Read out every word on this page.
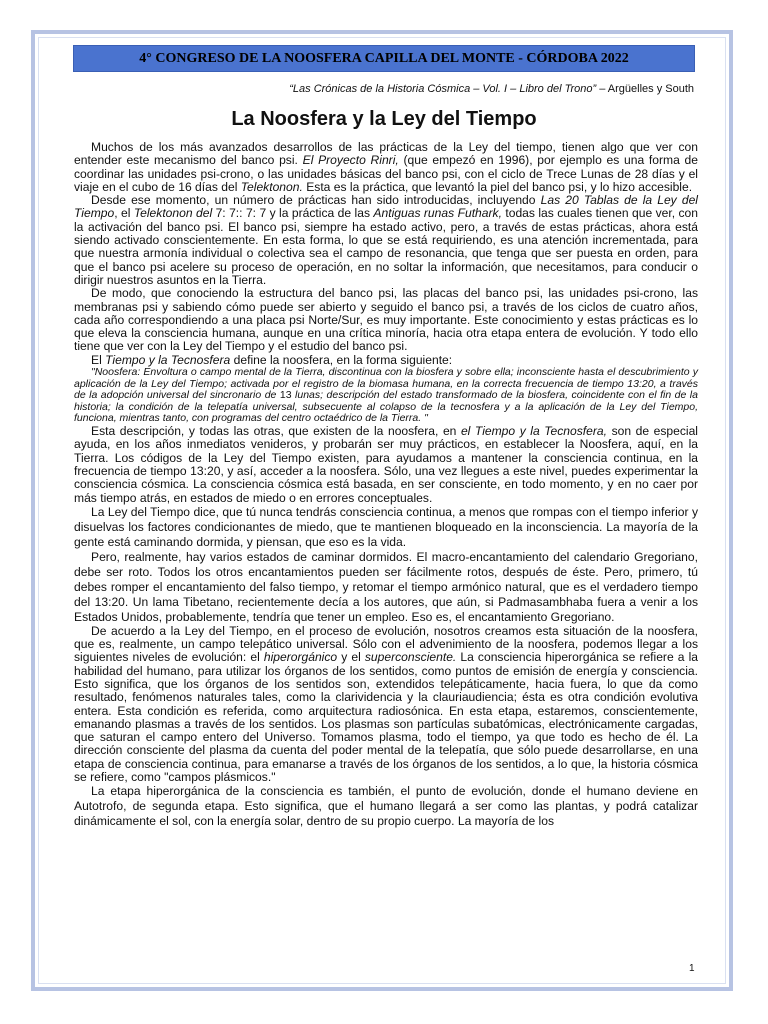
4° CONGRESO DE LA NOOSFERA CAPILLA DEL MONTE - CÓRDOBA 2022
“Las Crónicas de la Historia Cósmica – Vol. I – Libro del Trono” – Argüelles y South
La Noosfera y la Ley del Tiempo

Muchos de los más avanzados desarrollos de las prácticas de la Ley del tiempo, tienen algo que ver con entender este mecanismo del banco psi. El Proyecto Rinri, (que empezó en 1996), por ejemplo es una forma de coordinar las unidades psi-crono, o las unidades básicas del banco psi, con el ciclo de Trece Lunas de 28 días y el viaje en el cubo de 16 días del Telektonon. Esta es la práctica, que levantó la piel del banco psi, y lo hizo accesible.

Desde ese momento, un número de prácticas han sido introducidas, incluyendo Las 20 Tablas de la Ley del Tiempo, el Telektonon del 7: 7:: 7: 7 y la práctica de las Antiguas runas Futhark, todas las cuales tienen que ver, con la activación del banco psi. El banco psi, siempre ha estado activo, pero, a través de estas prácticas, ahora está siendo activado conscientemente. En esta forma, lo que se está requiriendo, es una atención incrementada, para que nuestra armonía individual o colectiva sea el campo de resonancia, que tenga que ser puesta en orden, para que el banco psi acelere su proceso de operación, en no soltar la información, que necesitamos, para conducir o dirigir nuestros asuntos en la Tierra.

De modo, que conociendo la estructura del banco psi, las placas del banco psi, las unidades psi-crono, las membranas psi y sabiendo cómo puede ser abierto y seguido el banco psi, a través de los ciclos de cuatro años, cada año correspondiendo a una placa psi Norte/Sur, es muy importante. Este conocimiento y estas prácticas es lo que eleva la consciencia humana, aunque en una crítica minoría, hacia otra etapa entera de evolución. Y todo ello tiene que ver con la Ley del Tiempo y el estudio del banco psi.

El Tiempo y la Tecnosfera define la noosfera, en la forma siguiente:

"Noosfera: Envoltura o campo mental de la Tierra, discontinua con la biosfera y sobre ella; inconsciente hasta el descubrimiento y aplicación de la Ley del Tiempo; activada por el registro de la biomasa humana, en la correcta frecuencia de tiempo 13:20, a través de la adopción universal del sincronario de 13 lunas; descripción del estado transformado de la biosfera, coincidente con el fin de la historia; la condición de la telepatía universal, subsecuente al colapso de la tecnosfera y a la aplicación de la Ley del Tiempo, funciona, mientras tanto, con programas del centro octaédrico de la Tierra. "

Esta descripción, y todas las otras, que existen de la noosfera, en el Tiempo y la Tecnosfera, son de especial ayuda, en los años inmediatos venideros, y probarán ser muy prácticos, en establecer la Noosfera, aquí, en la Tierra. Los códigos de la Ley del Tiempo existen, para ayudamos a mantener la consciencia continua, en la frecuencia de tiempo 13:20, y así, acceder a la noosfera. Sólo, una vez llegues a este nivel, puedes experimentar la consciencia cósmica. La consciencia cósmica está basada, en ser consciente, en todo momento, y en no caer por más tiempo atrás, en estados de miedo o en errores conceptuales.

La Ley del Tiempo dice, que tú nunca tendrás consciencia continua, a menos que rompas con el tiempo inferior y disuelvas los factores condicionantes de miedo, que te mantienen bloqueado en la inconsciencia. La mayoría de la gente está caminando dormida, y piensan, que eso es la vida.

Pero, realmente, hay varios estados de caminar dormidos. El macro-encantamiento del calendario Gregoriano, debe ser roto. Todos los otros encantamientos pueden ser fácilmente rotos, después de éste. Pero, primero, tú debes romper el encantamiento del falso tiempo, y retomar el tiempo armónico natural, que es el verdadero tiempo del 13:20. Un lama Tibetano, recientemente decía a los autores, que aún, si Padmasambhaba fuera a venir a los Estados Unidos, probablemente, tendría que tener un empleo. Eso es, el encantamiento Gregoriano.

De acuerdo a la Ley del Tiempo, en el proceso de evolución, nosotros creamos esta situación de la noosfera, que es, realmente, un campo telepático universal. Sólo con el advenimiento de la noosfera, podemos llegar a los siguientes niveles de evolución: el hiperorgánico y el superconsciente. La consciencia hiperorgánica se refiere a la habilidad del humano, para utilizar los órganos de los sentidos, como puntos de emisión de energía y consciencia. Esto significa, que los órganos de los sentidos son, extendidos telepáticamente, hacia fuera, lo que da como resultado, fenómenos naturales tales, como la clarividencia y la clauriaudiencia; ésta es otra condición evolutiva entera. Esta condición es referida, como arquitectura radiosónica. En esta etapa, estaremos, conscientemente, emanando plasmas a través de los sentidos. Los plasmas son partículas subatómicas, electrónicamente cargadas, que saturan el campo entero del Universo. Tomamos plasma, todo el tiempo, ya que todo es hecho de él. La dirección consciente del plasma da cuenta del poder mental de la telepatía, que sólo puede desarrollarse, en una etapa de consciencia continua, para emanarse a través de los órganos de los sentidos, a lo que, la historia cósmica se refiere, como "campos plásmicos."

La etapa hiperorgánica de la consciencia es también, el punto de evolución, donde el humano deviene en Autotrofo, de segunda etapa. Esto significa, que el humano llegará a ser como las plantas, y podrá catalizar dinámicamente el sol, con la energía solar, dentro de su propio cuerpo. La mayoría de los

1
